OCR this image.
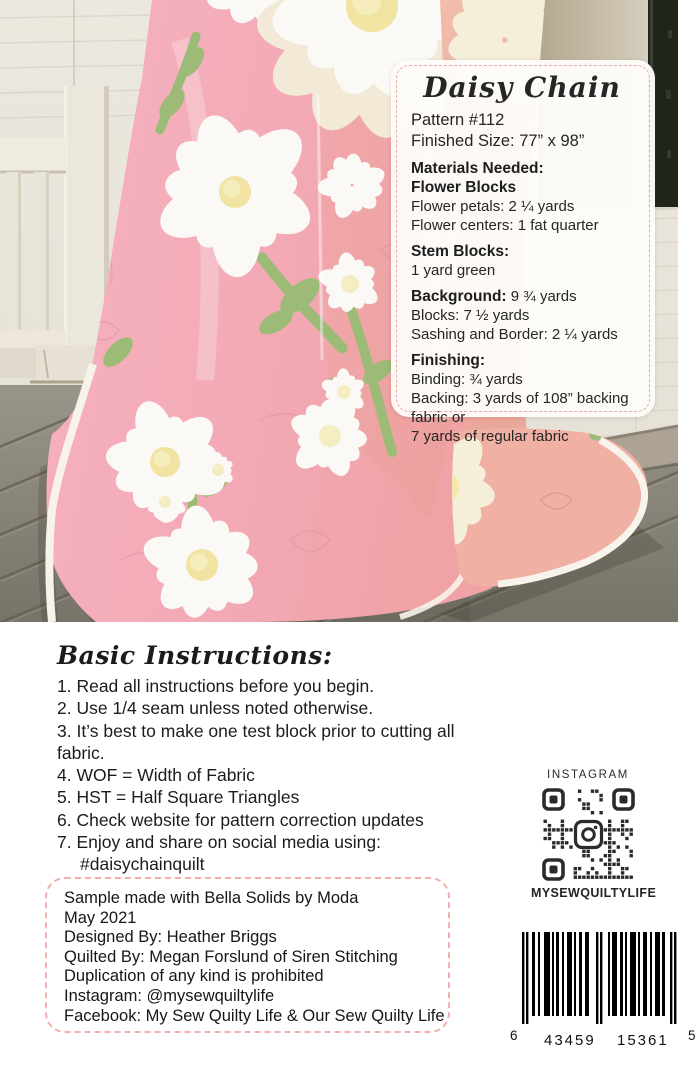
Daisy Chain
Pattern #112
Finished Size: 77” x 98”
Materials Needed:
Flower Blocks
Flower petals: 2 ¼ yards
Flower centers: 1 fat quarter
Stem Blocks:
1 yard green
Background: 9 ¾ yards
Blocks: 7 ½ yards
Sashing and Border: 2 ¼ yards
Finishing:
Binding: ¾ yards
Backing: 3 yards of 108” backing fabric or
7 yards of regular fabric
Basic Instructions:
1. Read all instructions before you begin.
2. Use 1/4 seam unless noted otherwise.
3. It’s best to make one test block prior to cutting all fabric.
4. WOF = Width of Fabric
5. HST = Half Square Triangles
6. Check website for pattern correction updates
7. Enjoy and share on social media using:
#daisychainquilt
INSTAGRAM
MYSEWQUILTYLIFE
Sample made with Bella Solids by Moda
May 2021
Designed By: Heather Briggs
Quilted By: Megan Forslund of Siren Stitching
Duplication of any kind is prohibited
Instagram: @mysewquiltylife
Facebook: My Sew Quilty Life & Our Sew Quilty Life
6 43459 15361 5
